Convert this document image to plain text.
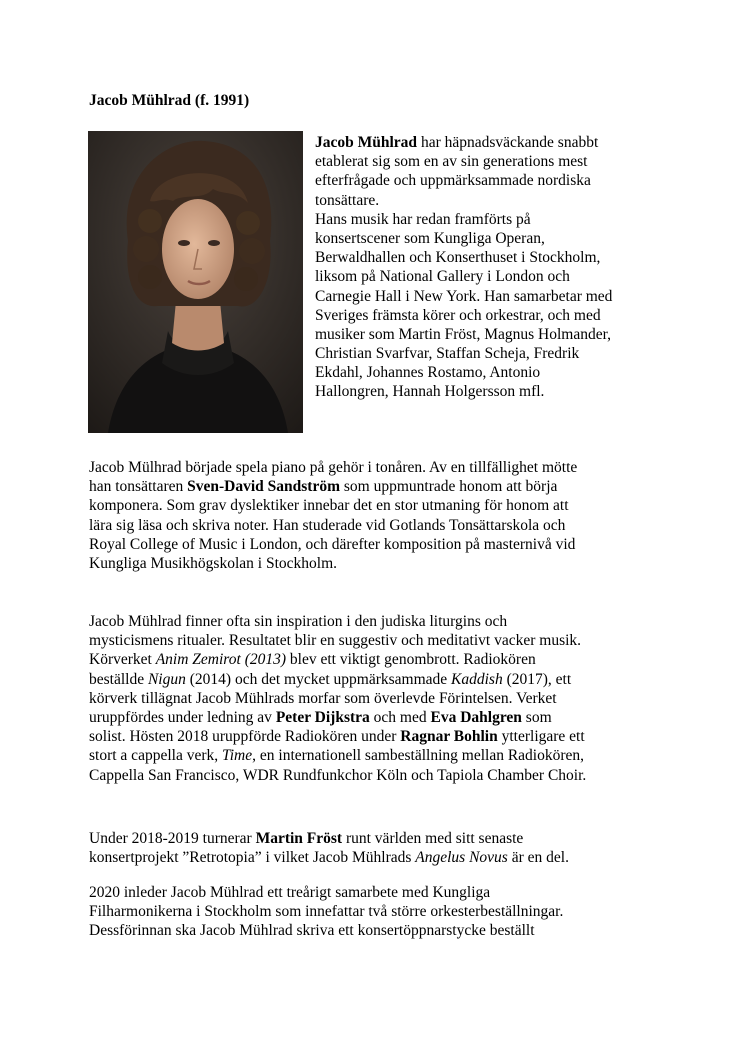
Jacob Mühlrad (f. 1991)
Jacob Mühlrad har häpnadsväckande snabbt
etablerat sig som en av sin generations mest
efterfrågade och uppmärksammade nordiska
tonsättare.
Hans musik har redan framförts på
konsertscener som Kungliga Operan,
Berwaldhallen och Konserthuset i Stockholm,
liksom på National Gallery i London och
Carnegie Hall i New York. Han samarbetar med
Sveriges främsta körer och orkestrar, och med
musiker som Martin Fröst, Magnus Holmander,
Christian Svarfvar, Staffan Scheja, Fredrik
Ekdahl, Johannes Rostamo, Antonio
Hallongren, Hannah Holgersson mfl.
Jacob Mülhrad började spela piano på gehör i tonåren. Av en tillfällighet mötte
han tonsättaren Sven-David Sandström som uppmuntrade honom att börja
komponera. Som grav dyslektiker innebar det en stor utmaning för honom att
lära sig läsa och skriva noter. Han studerade vid Gotlands Tonsättarskola och
Royal College of Music i London, och därefter komposition på masternivå vid
Kungliga Musikhögskolan i Stockholm.
Jacob Mühlrad finner ofta sin inspiration i den judiska liturgins och
mysticismens ritualer. Resultatet blir en suggestiv och meditativt vacker musik.
Körverket Anim Zemirot (2013) blev ett viktigt genombrott. Radiokören
beställde Nigun (2014) och det mycket uppmärksammade Kaddish (2017), ett
körverk tillägnat Jacob Mühlrads morfar som överlevde Förintelsen. Verket
uruppfördes under ledning av Peter Dijkstra och med Eva Dahlgren som
solist. Hösten 2018 uruppförde Radiokören under Ragnar Bohlin ytterligare ett
stort a cappella verk, Time, en internationell sambeställning mellan Radiokören,
Cappella San Francisco, WDR Rundfunkchor Köln och Tapiola Chamber Choir.
Under 2018-2019 turnerar Martin Fröst runt världen med sitt senaste
konsertprojekt ”Retrotopia” i vilket Jacob Mühlrads Angelus Novus är en del.
2020 inleder Jacob Mühlrad ett treårigt samarbete med Kungliga
Filharmonikerna i Stockholm som innefattar två större orkesterbeställningar.
Dessförinnan ska Jacob Mühlrad skriva ett konsertöppnarstycke beställt
